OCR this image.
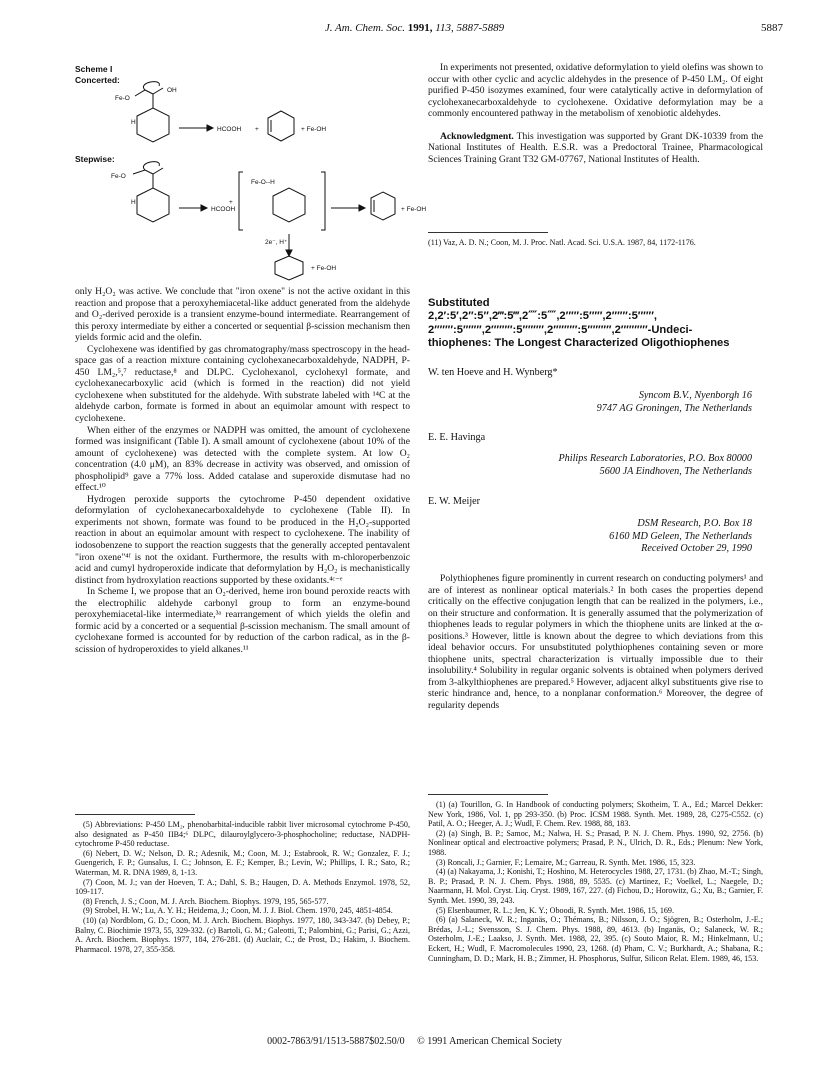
J. Am. Chem. Soc. 1991, 113, 5887-5889	5887
Scheme I
Concerted:
Stepwise:
Fe-O
OH
H
HCOOH +	+ Fe-OH
Fe-O
H
HCOOH
+
Fe-O--H
+ Fe-OH
2e⁻, H⁺
+ Fe-OH

only H₂O₂ was active. We conclude that "iron oxene" is not the active oxidant in this reaction and propose that a peroxyhemiacetal-like adduct generated from the aldehyde and O₂-derived peroxide is a transient enzyme-bound intermediate. Rearrangement of this peroxy intermediate by either a concerted or sequential β-scission mechanism then yields formic acid and the olefin.

Cyclohexene was identified by gas chromatography/mass spectroscopy in the head-space gas of a reaction mixture containing cyclohexanecarboxaldehyde, NADPH, P-450 LM₂,⁵,⁷ reductase,⁸ and DLPC. Cyclohexanol, cyclohexyl formate, and cyclohexanecarboxylic acid (which is formed in the reaction) did not yield cyclohexene when substituted for the aldehyde. With substrate labeled with ¹⁴C at the aldehyde carbon, formate is formed in about an equimolar amount with respect to cyclohexene.

When either of the enzymes or NADPH was omitted, the amount of cyclohexene formed was insignificant (Table I). A small amount of cyclohexene (about 10% of the amount of cyclohexene) was detected with the complete system. At low O₂ concentration (4.0 μM), an 83% decrease in activity was observed, and omission of phospholipid⁹ gave a 77% loss. Added catalase and superoxide dismutase had no effect.¹⁰

Hydrogen peroxide supports the cytochrome P-450 dependent oxidative deformylation of cyclohexanecarboxaldehyde to cyclohexene (Table II). In experiments not shown, formate was found to be produced in the H₂O₂-supported reaction in about an equimolar amount with respect to cyclohexene. The inability of iodosobenzene to support the reaction suggests that the generally accepted pentavalent "iron oxene"⁴ᶠ is not the oxidant. Furthermore, the results with m-chloroperbenzoic acid and cumyl hydroperoxide indicate that deformylation by H₂O₂ is mechanistically distinct from hydroxylation reactions supported by these oxidants.⁴ᶜ⁻ᵉ

In Scheme I, we propose that an O₂-derived, heme iron bound peroxide reacts with the electrophilic aldehyde carbonyl group to form an enzyme-bound peroxyhemiacetal-like intermediate,³ᵃ rearrangement of which yields the olefin and formic acid by a concerted or a sequential β-scission mechanism. The small amount of cyclohexane formed is accounted for by reduction of the carbon radical, as in the β-scission of hydroperoxides to yield alkanes.¹¹

(5) Abbreviations: P-450 LM₂, phenobarbital-inducible rabbit liver microsomal cytochrome P-450, also designated as P-450 IIB4;⁶ DLPC, dilauroylglycero-3-phosphocholine; reductase, NADPH-cytochrome P-450 reductase.

(6) Nebert, D. W.; Nelson, D. R.; Adesnik, M.; Coon, M. J.; Estabrook, R. W.; Gonzalez, F. J.; Guengerich, F. P.; Gunsalus, I. C.; Johnson, E. F.; Kemper, B.; Levin, W.; Phillips, I. R.; Sato, R.; Waterman, M. R. DNA 1989, 8, 1-13.

(7) Coon, M. J.; van der Hoeven, T. A.; Dahl, S. B.; Haugen, D. A. Methods Enzymol. 1978, 52, 109-117.

(8) French, J. S.; Coon, M. J. Arch. Biochem. Biophys. 1979, 195, 565-577.

(9) Strobel, H. W.; Lu, A. Y. H.; Heidema, J.; Coon, M. J. J. Biol. Chem. 1970, 245, 4851-4854.

(10) (a) Nordblom, G. D.; Coon, M. J. Arch. Biochem. Biophys. 1977, 180, 343-347. (b) Debey, P.; Balny, C. Biochimie 1973, 55, 329-332. (c) Bartoli, G. M.; Galeotti, T.; Palombini, G.; Parisi, G.; Azzi, A. Arch. Biochem. Biophys. 1977, 184, 276-281. (d) Auclair, C.; de Prost, D.; Hakim, J. Biochem. Pharmacol. 1978, 27, 355-358.

In experiments not presented, oxidative deformylation to yield olefins was shown to occur with other cyclic and acyclic aldehydes in the presence of P-450 LM₂. Of eight purified P-450 isozymes examined, four were catalytically active in deformylation of cyclohexanecarboxaldehyde to cyclohexene. Oxidative deformylation may be a commonly encountered pathway in the metabolism of xenobiotic aldehydes.

Acknowledgment. This investigation was supported by Grant DK-10339 from the National Institutes of Health. E.S.R. was a Predoctoral Trainee, Pharmacological Sciences Training Grant T32 GM-07767, National Institutes of Health.

(11) Vaz, A. D. N.; Coon, M. J. Proc. Natl. Acad. Sci. U.S.A. 1987, 84, 1172-1176.
Substituted
2,2′:5′,2″:5″,2‴:5‴,2⁗:5⁗,2′′′′′:5′′′′′,2′′′′′′:5′′′′′′,
2′′′′′′′:5′′′′′′′,2′′′′′′′′:5′′′′′′′′,2′′′′′′′′′:5′′′′′′′′′,2′′′′′′′′′′-Undeci-
thiophenes: The Longest Characterized Oligothiophenes
W. ten Hoeve and H. Wynberg*
Syncom B.V., Nyenborgh 16
9747 AG Groningen, The Netherlands
E. E. Havinga
Philips Research Laboratories, P.O. Box 80000
5600 JA Eindhoven, The Netherlands
E. W. Meijer
DSM Research, P.O. Box 18
6160 MD Geleen, The Netherlands
Received October 29, 1990

Polythiophenes figure prominently in current research on conducting polymers¹ and are of interest as nonlinear optical materials.² In both cases the properties depend critically on the effective conjugation length that can be realized in the polymers, i.e., on their structure and conformation. It is generally assumed that the polymerization of thiophenes leads to regular polymers in which the thiophene units are linked at the α-positions.³ However, little is known about the degree to which deviations from this ideal behavior occurs. For unsubstituted polythiophenes containing seven or more thiophene units, spectral characterization is virtually impossible due to their insolubility.⁴ Solubility in regular organic solvents is obtained when polymers derived from 3-alkylthiophenes are prepared.⁵ However, adjacent alkyl substituents give rise to steric hindrance and, hence, to a nonplanar conformation.⁶ Moreover, the degree of regularity depends

(1) (a) Tourillon, G. In Handbook of conducting polymers; Skotheim, T. A., Ed.; Marcel Dekker: New York, 1986, Vol. 1, pp 293-350. (b) Proc. ICSM 1988. Synth. Met. 1989, 28, C275-C552. (c) Patil, A. O.; Heeger, A. J.; Wudl, F. Chem. Rev. 1988, 88, 183.

(2) (a) Singh, B. P.; Samoc, M.; Nalwa, H. S.; Prasad, P. N. J. Chem. Phys. 1990, 92, 2756. (b) Nonlinear optical and electroactive polymers; Prasad, P. N., Ulrich, D. R., Eds.; Plenum: New York, 1988.

(3) Roncali, J.; Garnier, F.; Lemaire, M.; Garreau, R. Synth. Met. 1986, 15, 323.

(4) (a) Nakayama, J.; Konishi, T.; Hoshino, M. Heterocycles 1988, 27, 1731. (b) Zhao, M.-T.; Singh, B. P.; Prasad, P. N. J. Chem. Phys. 1988, 89, 5535. (c) Martinez, F.; Voelkel, L.; Naegele, D.; Naarmann, H. Mol. Cryst. Liq. Cryst. 1989, 167, 227. (d) Fichou, D.; Horowitz, G.; Xu, B.; Garnier, F. Synth. Met. 1990, 39, 243.

(5) Elsenbaumer, R. L.; Jen, K. Y.; Oboodi, R. Synth. Met. 1986, 15, 169.

(6) (a) Salaneck, W. R.; Inganäs, O.; Thémans, B.; Nilsson, J. O.; Sjögren, B.; Osterholm, J.-E.; Brédas, J.-L.; Svensson, S. J. Chem. Phys. 1988, 89, 4613. (b) Inganäs, O.; Salaneck, W. R.; Osterholm, J.-E.; Laakso, J. Synth. Met. 1988, 22, 395. (c) Souto Maior, R. M.; Hinkelmann, U.; Eckert, H.; Wudl, F. Macromolecules 1990, 23, 1268. (d) Pham, C. V.; Burkhardt, A.; Shabana, R.; Cunningham, D. D.; Mark, H. B.; Zimmer, H. Phosphorus, Sulfur, Silicon Relat. Elem. 1989, 46, 153.

0002-7863/91/1513-5887$02.50/0 © 1991 American Chemical Society
